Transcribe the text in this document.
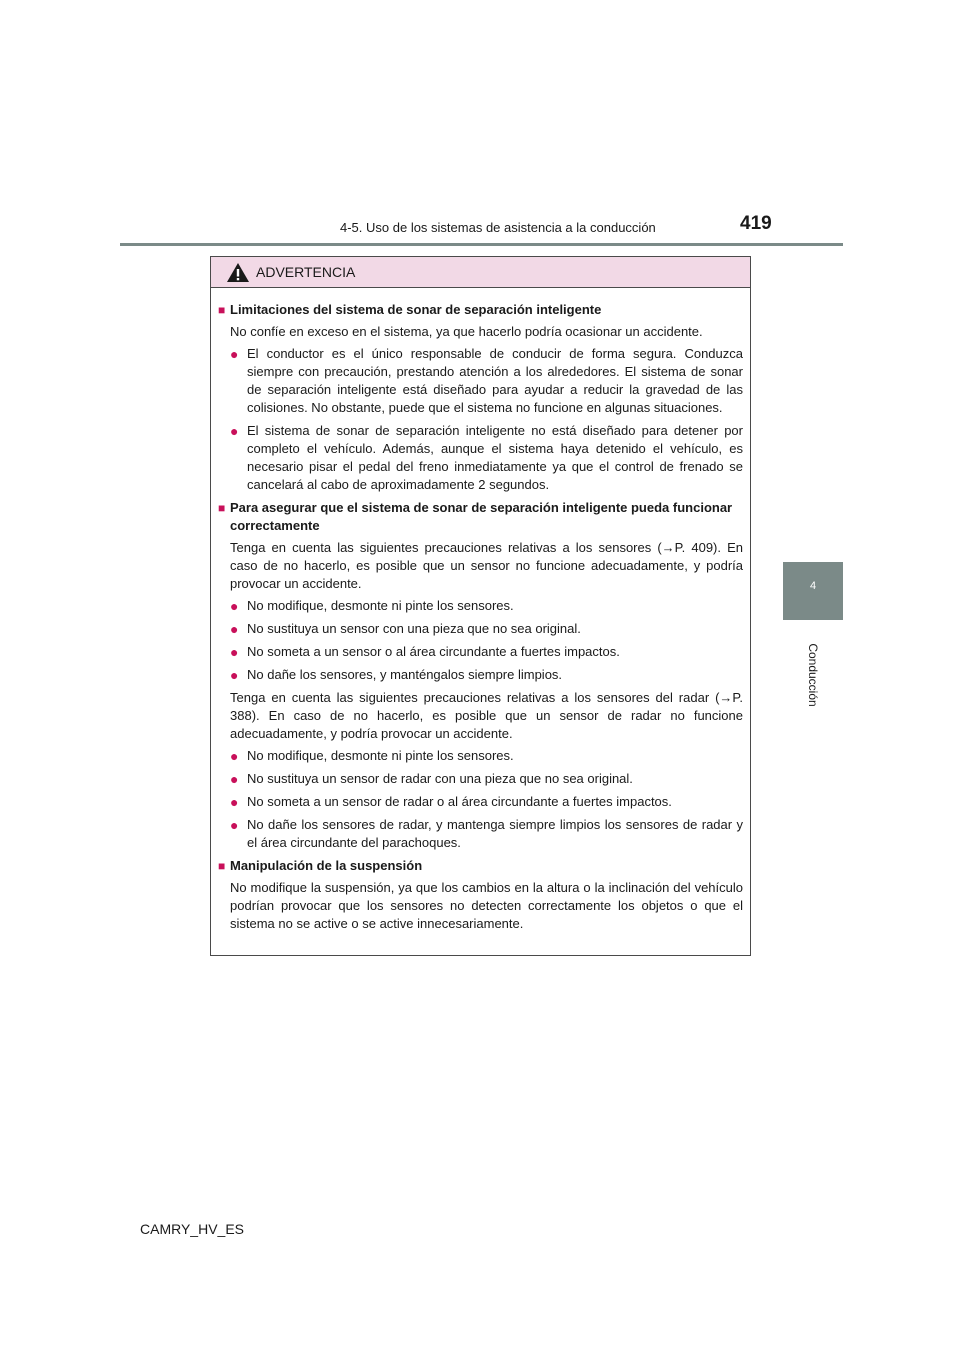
4-5. Uso de los sistemas de asistencia a la conducción	419
4
Conducción
ADVERTENCIA
■ Limitaciones del sistema de sonar de separación inteligente
No confíe en exceso en el sistema, ya que hacerlo podría ocasionar un accidente.
● El conductor es el único responsable de conducir de forma segura. Conduzca siempre con precaución, prestando atención a los alrededores. El sistema de sonar de separación inteligente está diseñado para ayudar a reducir la gravedad de las colisiones. No obstante, puede que el sistema no funcione en algunas situaciones.
● El sistema de sonar de separación inteligente no está diseñado para detener por completo el vehículo. Además, aunque el sistema haya detenido el vehículo, es necesario pisar el pedal del freno inmediatamente ya que el control de frenado se cancelará al cabo de aproximadamente 2 segundos.
■ Para asegurar que el sistema de sonar de separación inteligente pueda funcionar correctamente
Tenga en cuenta las siguientes precauciones relativas a los sensores (→P. 409). En caso de no hacerlo, es posible que un sensor no funcione adecuadamente, y podría provocar un accidente.
● No modifique, desmonte ni pinte los sensores.
● No sustituya un sensor con una pieza que no sea original.
● No someta a un sensor o al área circundante a fuertes impactos.
● No dañe los sensores, y manténgalos siempre limpios.
Tenga en cuenta las siguientes precauciones relativas a los sensores del radar (→P. 388). En caso de no hacerlo, es posible que un sensor de radar no funcione adecuadamente, y podría provocar un accidente.
● No modifique, desmonte ni pinte los sensores.
● No sustituya un sensor de radar con una pieza que no sea original.
● No someta a un sensor de radar o al área circundante a fuertes impactos.
● No dañe los sensores de radar, y mantenga siempre limpios los sensores de radar y el área circundante del parachoques.
■ Manipulación de la suspensión
No modifique la suspensión, ya que los cambios en la altura o la inclinación del vehículo podrían provocar que los sensores no detecten correctamente los objetos o que el sistema no se active o se active innecesariamente.
CAMRY_HV_ES
